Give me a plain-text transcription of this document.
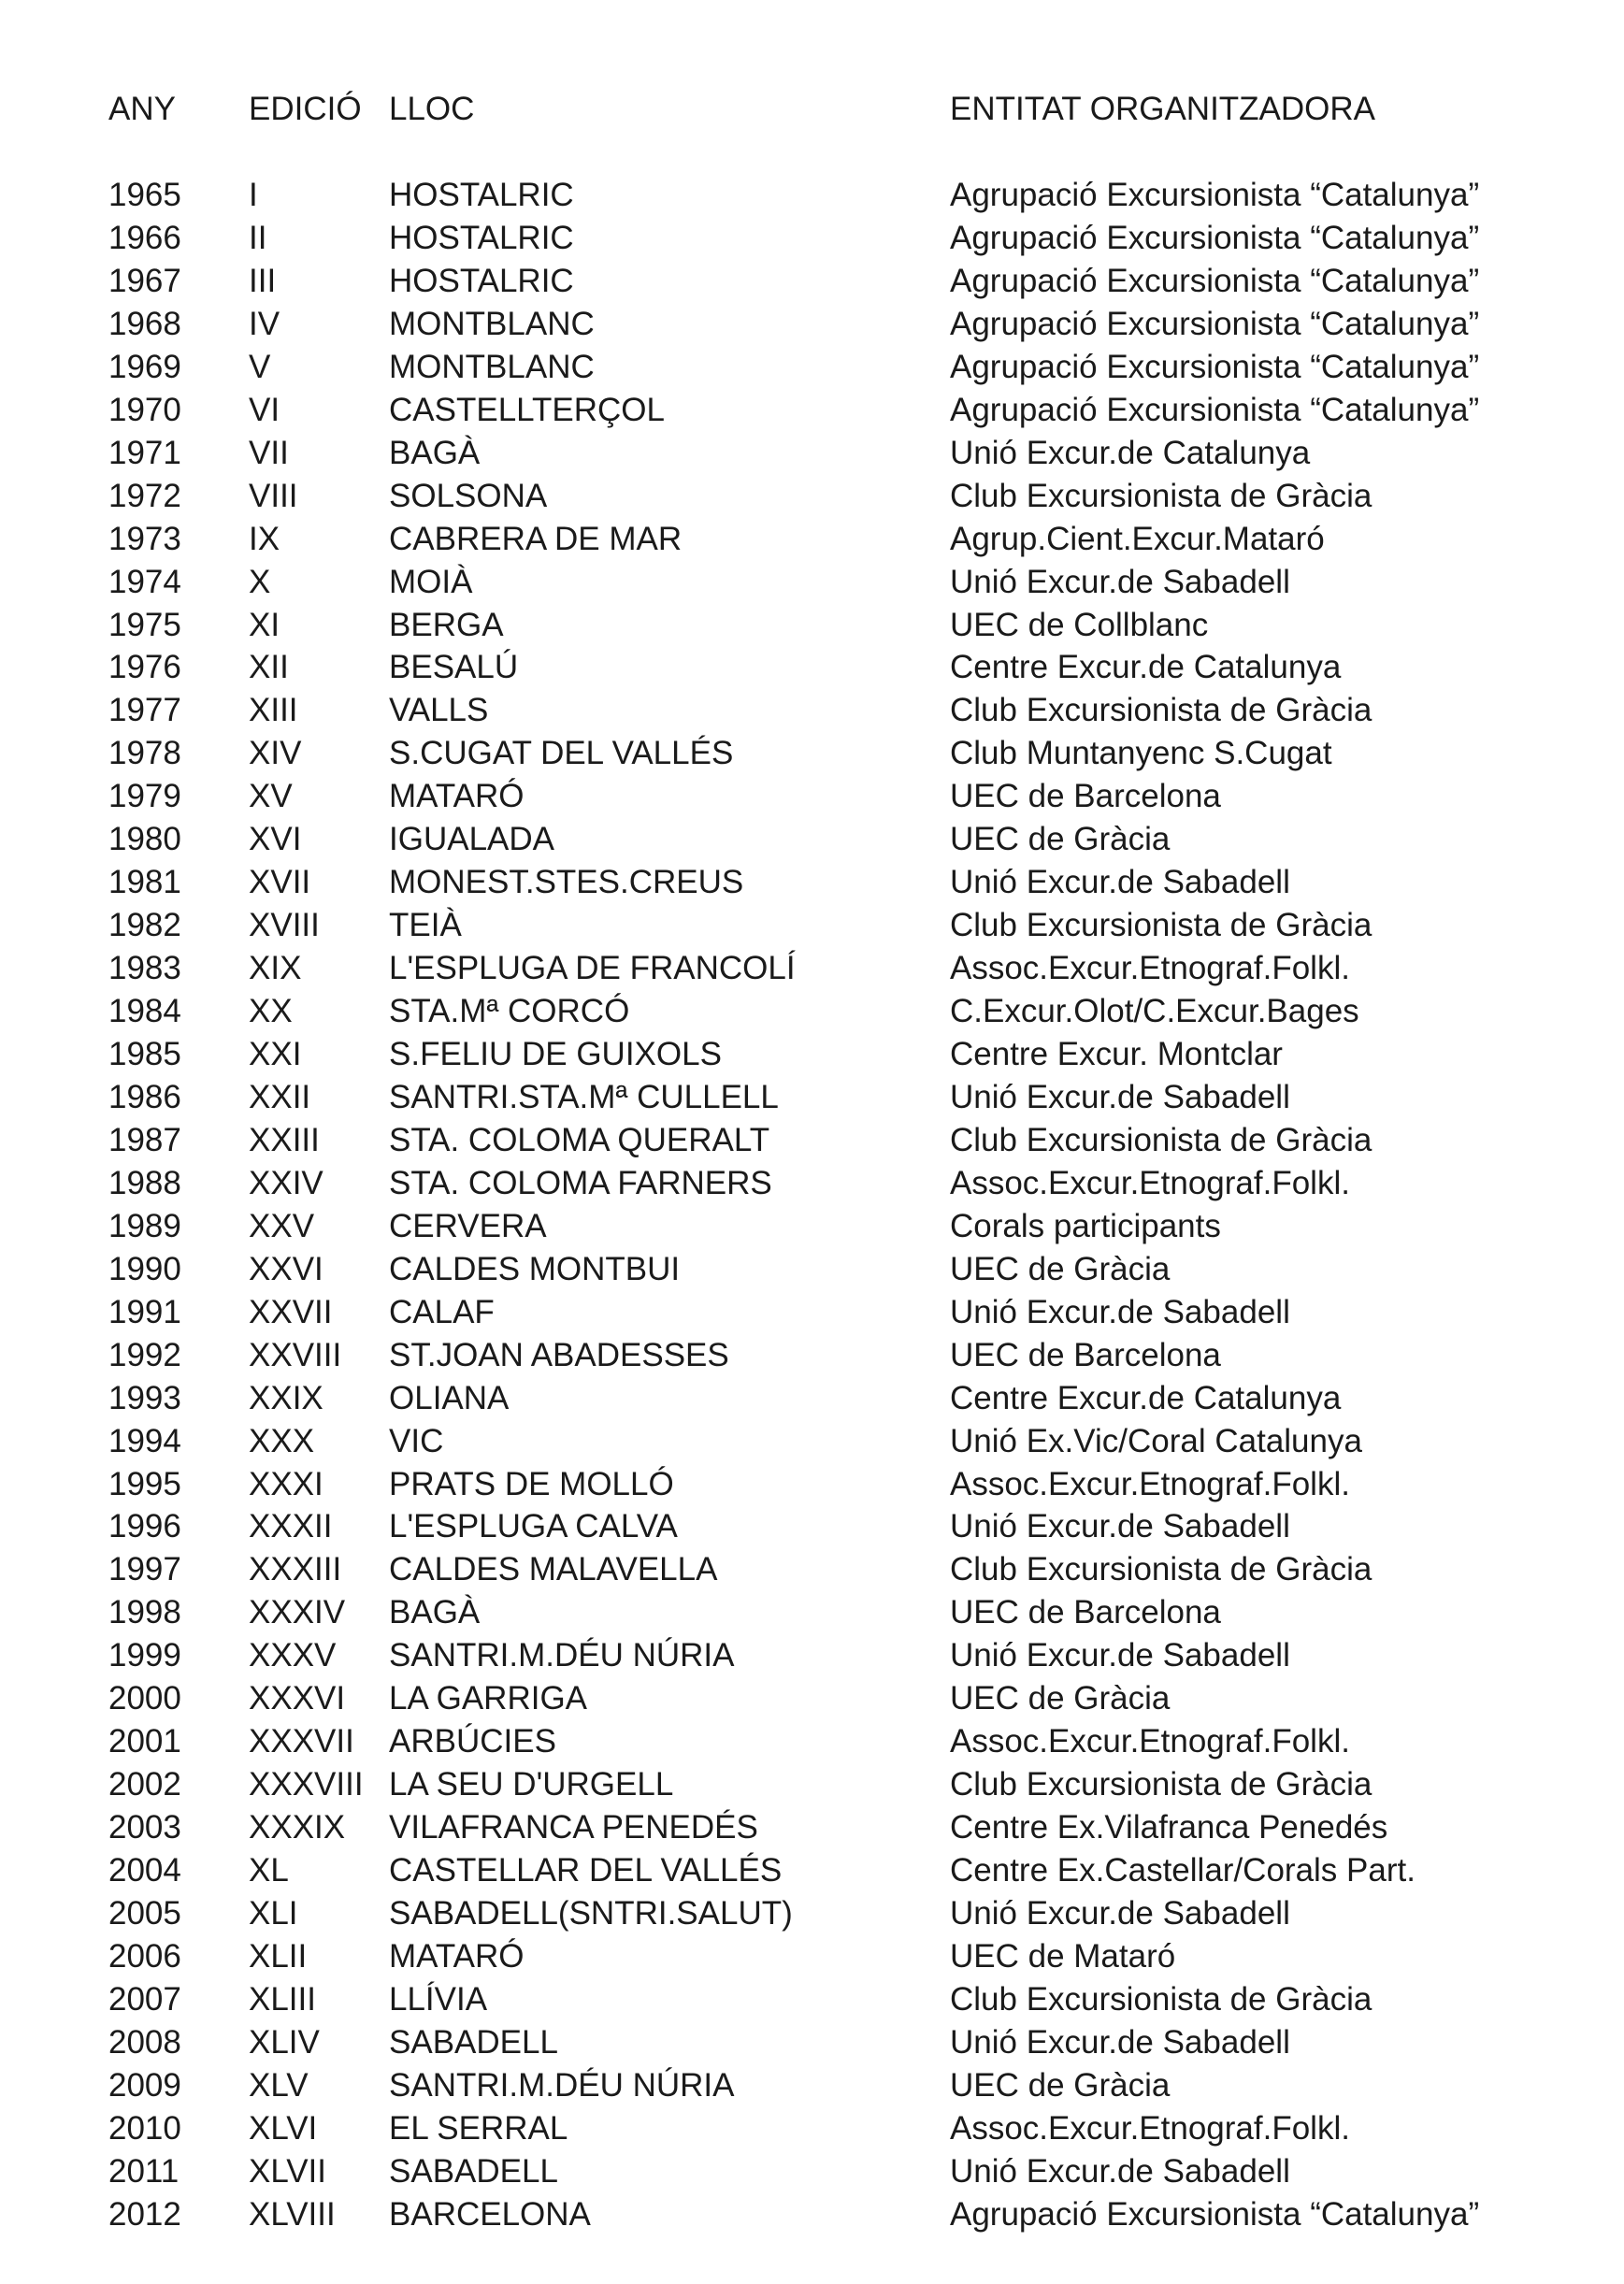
ANY EDICIÓ LLOC	ENTITAT ORGANITZADORA
1965 I	HOSTALRIC	Agrupació Excursionista “Catalunya”
1966 II	HOSTALRIC	Agrupació Excursionista “Catalunya”
1967 III	HOSTALRIC	Agrupació Excursionista “Catalunya”
1968 IV	MONTBLANC	Agrupació Excursionista “Catalunya”
1969 V	MONTBLANC	Agrupació Excursionista “Catalunya”
1970 VI	CASTELLTERÇOL	Agrupació Excursionista “Catalunya”
1971 VII	BAGÀ	Unió Excur.de Catalunya
1972 VIII	SOLSONA	Club Excursionista de Gràcia
1973 IX	CABRERA DE MAR	Agrup.Cient.Excur.Mataró
1974 X	MOIÀ	Unió Excur.de Sabadell
1975 XI	BERGA	UEC de Collblanc
1976 XII	BESALÚ	Centre Excur.de Catalunya
1977 XIII	VALLS	Club Excursionista de Gràcia
1978 XIV	S.CUGAT DEL VALLÉS	Club Muntanyenc S.Cugat
1979 XV	MATARÓ	UEC de Barcelona
1980 XVI	IGUALADA	UEC de Gràcia
1981 XVII MONEST.STES.CREUS	Unió Excur.de Sabadell
1982 XVIII TEIÀ	Club Excursionista de Gràcia
1983 XIX	L'ESPLUGA DE FRANCOLÍ	Assoc.Excur.Etnograf.Folkl.
1984 XX	STA.Mª CORCÓ	C.Excur.Olot/C.Excur.Bages
1985 XXI	S.FELIU DE GUIXOLS	Centre Excur. Montclar
1986 XXII SANTRI.STA.Mª CULLELL	Unió Excur.de Sabadell
1987 XXIII STA. COLOMA QUERALT	Club Excursionista de Gràcia
1988 XXIV STA. COLOMA FARNERS	Assoc.Excur.Etnograf.Folkl.
1989 XXV CERVERA	Corals participants
1990 XXVI CALDES MONTBUI	UEC de Gràcia
1991 XXVII CALAF	Unió Excur.de Sabadell
1992 XXVIII ST.JOAN ABADESSES	UEC de Barcelona
1993 XXIX OLIANA	Centre Excur.de Catalunya
1994 XXX VIC	Unió Ex.Vic/Coral Catalunya
1995 XXXI PRATS DE MOLLÓ	Assoc.Excur.Etnograf.Folkl.
1996 XXXII L'ESPLUGA CALVA	Unió Excur.de Sabadell
1997 XXXIII CALDES MALAVELLA	Club Excursionista de Gràcia
1998 XXXIV BAGÀ	UEC de Barcelona
1999 XXXV SANTRI.M.DÉU NÚRIA	Unió Excur.de Sabadell
2000 XXXVI LA GARRIGA	UEC de Gràcia
2001 XXXVII ARBÚCIES	Assoc.Excur.Etnograf.Folkl.
2002 XXXVIII LA SEU D'URGELL	Club Excursionista de Gràcia
2003 XXXIX VILAFRANCA PENEDÉS	Centre Ex.Vilafranca Penedés
2004 XL	CASTELLAR DEL VALLÉS	Centre Ex.Castellar/Corals Part.
2005 XLI	SABADELL(SNTRI.SALUT)	Unió Excur.de Sabadell
2006 XLII	MATARÓ	UEC de Mataró
2007 XLIII LLÍVIA	Club Excursionista de Gràcia
2008 XLIV SABADELL	Unió Excur.de Sabadell
2009 XLV SANTRI.M.DÉU NÚRIA	UEC de Gràcia
2010 XLVI EL SERRAL	Assoc.Excur.Etnograf.Folkl.
2011 XLVII SABADELL	Unió Excur.de Sabadell
2012 XLVIII BARCELONA	Agrupació Excursionista “Catalunya”
